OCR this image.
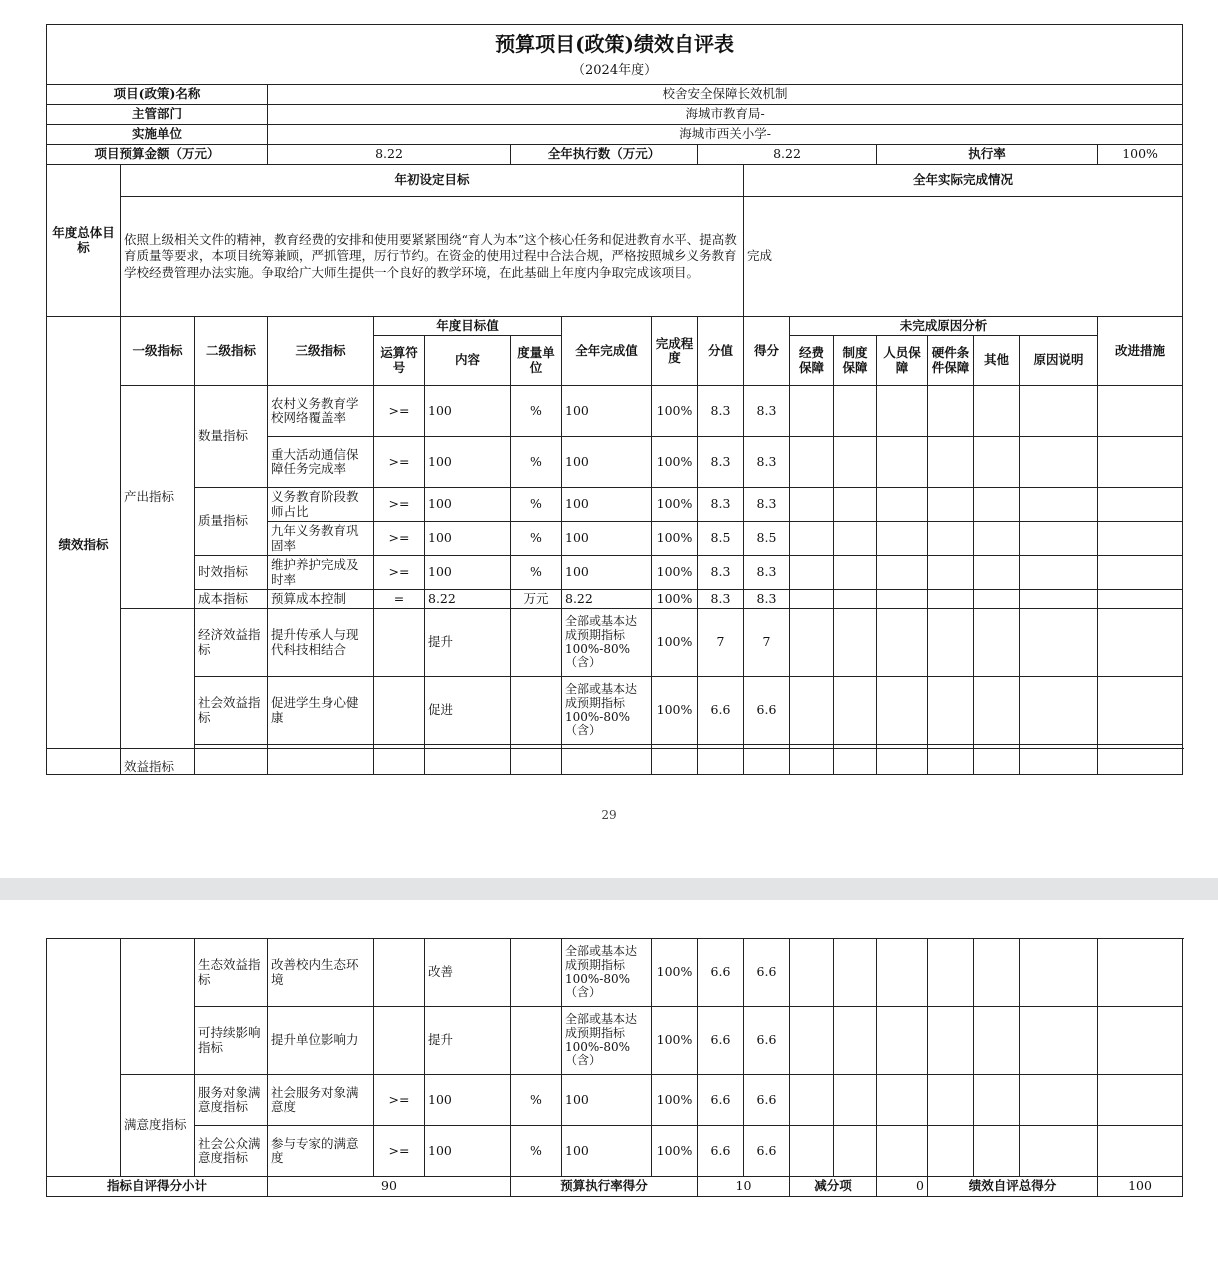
预算项目(政策)绩效自评表																	
（2024年度）																	
项目(政策)名称			校舍安全保障长效机制														
主管部门			海城市教育局-														
实施单位			海城市西关小学-														
项目预算金额（万元）			8.22			全年执行数（万元）			8.22				执行率				100%
年度总体目标	年初设定目标									全年实际完成情况							
	依照上级相关文件的精神，教育经费的安排和使用要紧紧围绕“育人为本”这个核心任务和促进教育水平、提高教育质量等要求，本项目统筹兼顾，严抓管理，厉行节约。在资金的使用过程中合法合规，严格按照城乡义务教育学校经费管理办法实施。争取给广大师生提供一个良好的教学环境，在此基础上年度内争取完成该项目。									完成							
绩效指标	一级指标	二级指标	三级指标	年度目标值			全年完成值	完成程度	分值	得分	未完成原因分析						改进措施
				运算符号	内容	度量单位					经费保障	制度保障	人员保障	硬件条件保障	其他	原因说明	
	产出指标	数量指标	农村义务教育学校网络覆盖率	>=	100	%	100	100%	8.3	8.3							
			重大活动通信保障任务完成率	>=	100	%	100	100%	8.3	8.3							
		质量指标	义务教育阶段教师占比	>=	100	%	100	100%	8.3	8.3							
			九年义务教育巩固率	>=	100	%	100	100%	8.5	8.5							
		时效指标	维护养护完成及时率	>=	100	%	100	100%	8.3	8.3							
		成本指标	预算成本控制	=	8.22	万元	8.22	100%	8.3	8.3							
	效益指标	经济效益指标	提升传承人与现代科技相结合		提升		全部或基本达成预期指标100%-80%（含）	100%	7	7							
		社会效益指标	促进学生身心健康		促进		全部或基本达成预期指标100%-80%（含）	100%	6.6	6.6							

29
		生态效益指标	改善校内生态环境		改善		全部或基本达成预期指标100%-80%（含）	100%	6.6	6.6							
		可持续影响指标	提升单位影响力		提升		全部或基本达成预期指标100%-80%（含）	100%	6.6	6.6							
	满意度指标	服务对象满意度指标	社会服务对象满意度	>=	100	%	100	100%	6.6	6.6							
		社会公众满意度指标	参与专家的满意度	>=	100	%	100	100%	6.6	6.6							
指标自评得分小计			90			预算执行率得分			10		减分项		0	绩效自评总得分			100
